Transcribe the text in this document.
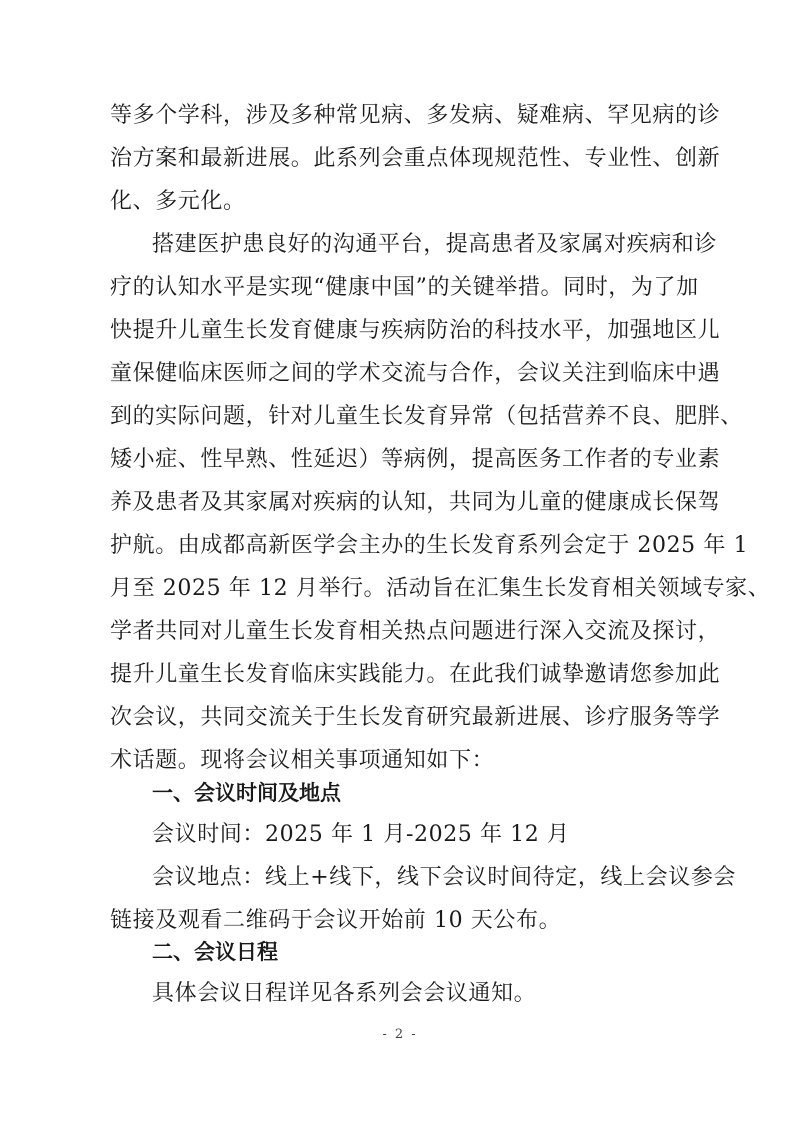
等多个学科，涉及多种常见病、多发病、疑难病、罕见病的诊
治方案和最新进展。此系列会重点体现规范性、专业性、创新
化、多元化。
搭建医护患良好的沟通平台，提高患者及家属对疾病和诊
疗的认知水平是实现“健康中国”的关键举措。同时，为了加
快提升儿童生长发育健康与疾病防治的科技水平，加强地区儿
童保健临床医师之间的学术交流与合作，会议关注到临床中遇
到的实际问题，针对儿童生长发育异常（包括营养不良、肥胖、
矮小症、性早熟、性延迟）等病例，提高医务工作者的专业素
养及患者及其家属对疾病的认知，共同为儿童的健康成长保驾
护航。由成都高新医学会主办的生长发育系列会定于 2025 年 1
月至 2025 年 12 月举行。活动旨在汇集生长发育相关领域专家、
学者共同对儿童生长发育相关热点问题进行深入交流及探讨，
提升儿童生长发育临床实践能力。在此我们诚挚邀请您参加此
次会议，共同交流关于生长发育研究最新进展、诊疗服务等学
术话题。现将会议相关事项通知如下：
一、会议时间及地点
会议时间：2025 年 1 月-2025 年 12 月
会议地点：线上+线下，线下会议时间待定，线上会议参会
链接及观看二维码于会议开始前 10 天公布。
二、会议日程
具体会议日程详见各系列会会议通知。
- 2 -
